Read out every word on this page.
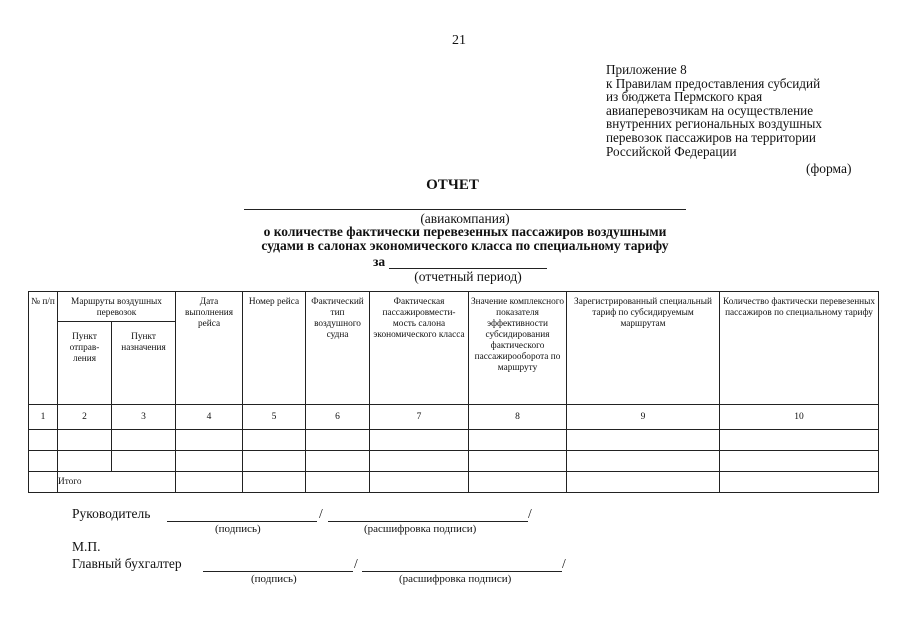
21
Приложение 8
к Правилам предоставления субсидий
из бюджета Пермского края
авиаперевозчикам на осуществление
внутренних региональных воздушных
перевозок пассажиров на территории
Российской Федерации
(форма)
ОТЧЕТ
(авиакомпания)
о количестве фактически перевезенных пассажиров воздушными
судами в салонах экономического класса по специальному тарифу
за
(отчетный период)
№ п/п	Маршруты воздушных перевозок		Дата выполнения рейса	Номер рейса	Фактический тип воздушного судна	Фактическая пассажировмести-мость салона экономического класса	Значение комплексного показателя эффективности субсидирования фактического пассажирооборота по маршруту	Зарегистрированный специальный тариф по субсидируемым маршрутам	Количество фактически перевезенных пассажиров по специальному тарифу
	Пункт отправ-ления	Пункт назначения							
1	2	3	4	5	6	7	8	9	10

	Итого								
Руководитель	/	/
(подпись)	(расшифровка подписи)
М.П.
Главный бухгалтер	/	/
(подпись)	(расшифровка подписи)
